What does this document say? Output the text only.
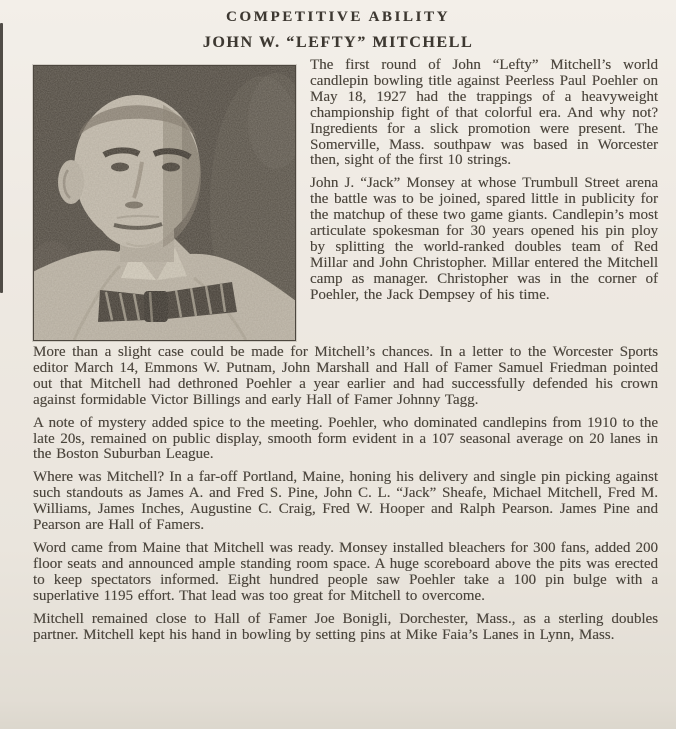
COMPETITIVE ABILITY
JOHN W. “LEFTY” MITCHELL

The first round of John “Lefty” Mitchell’s world candlepin bowling title against Peerless Paul Poehler on May 18, 1927 had the trappings of a heavyweight championship fight of that colorful era. And why not? Ingredients for a slick promotion were present. The Somerville, Mass. southpaw was based in Worcester then, sight of the first 10 strings.

John J. “Jack” Monsey at whose Trumbull Street arena the battle was to be joined, spared little in publicity for the matchup of these two game giants. Candlepin’s most articulate spokesman for 30 years opened his pin ploy by splitting the world-ranked doubles team of Red Millar and John Christopher. Millar entered the Mitchell camp as manager. Christopher was in the corner of Poehler, the Jack Dempsey of his time.

More than a slight case could be made for Mitchell’s chances. In a letter to the Worcester Sports editor March 14, Emmons W. Putnam, John Marshall and Hall of Famer Samuel Friedman pointed out that Mitchell had dethroned Poehler a year earlier and had successfully defended his crown against formidable Victor Billings and early Hall of Famer Johnny Tagg.

A note of mystery added spice to the meeting. Poehler, who dominated candlepins from 1910 to the late 20s, remained on public display, smooth form evident in a 107 seasonal average on 20 lanes in the Boston Suburban League.

Where was Mitchell? In a far-off Portland, Maine, honing his delivery and single pin picking against such standouts as James A. and Fred S. Pine, John C. L. “Jack” Sheafe, Michael Mitchell, Fred M. Williams, James Inches, Augustine C. Craig, Fred W. Hooper and Ralph Pearson. James Pine and Pearson are Hall of Famers.

Word came from Maine that Mitchell was ready. Monsey installed bleachers for 300 fans, added 200 floor seats and announced ample standing room space. A huge scoreboard above the pits was erected to keep spectators informed. Eight hundred people saw Poehler take a 100 pin bulge with a superlative 1195 effort. That lead was too great for Mitchell to overcome.

Mitchell remained close to Hall of Famer Joe Bonigli, Dorchester, Mass., as a sterling doubles partner. Mitchell kept his hand in bowling by setting pins at Mike Faia’s Lanes in Lynn, Mass.
